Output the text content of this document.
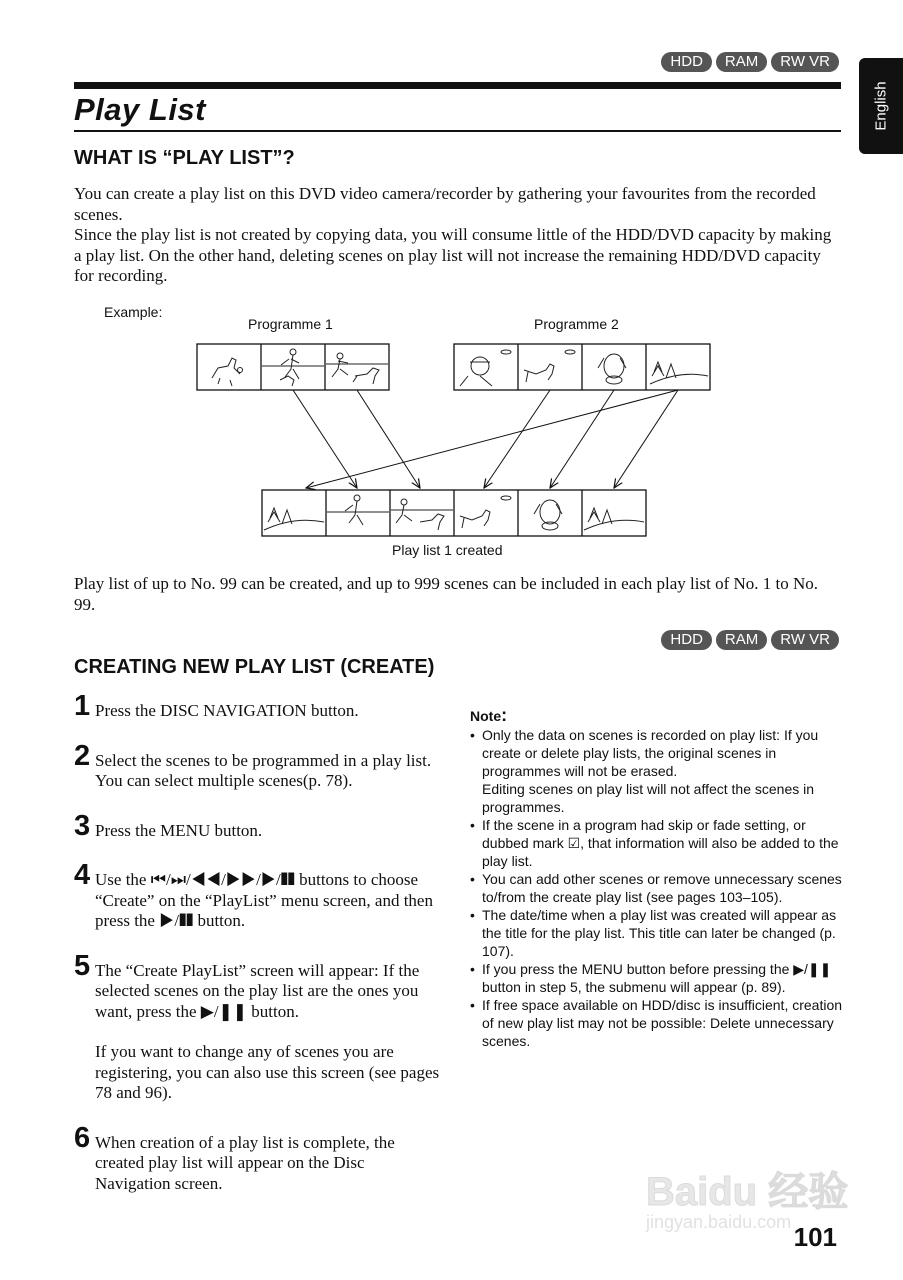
HDD	RAM	RW VR
English
Play List
WHAT IS “PLAY LIST”?

You can create a play list on this DVD video camera/recorder by gathering your favourites from the recorded scenes.

Since the play list is not created by copying data, you will consume little of the HDD/DVD capacity by making a play list. On the other hand, deleting scenes on play list will not increase the remaining HDD/DVD capacity for recording.

Example:
Programme 1	Programme 2
Play list 1 created
Play list of up to No. 99 can be created, and up to 999 scenes can be included in each play list of No. 1 to No. 99.
HDD	RAM	RW VR
CREATING NEW PLAY LIST (CREATE)
1 Press the DISC NAVIGATION button.

2 Select the scenes to be programmed in a play list.

You can select multiple scenes(p. 78).

3 Press the MENU button.

4 Use the ⏮/⏭/◀◀/▶▶/▶/❚❚ buttons to choose “Create” on the “PlayList” menu screen, and then press the ▶/❚❚ button.

5 The “Create PlayList” screen will appear: If the selected scenes on the play list are the ones you want, press the ▶/❚❚ button.

If you want to change any of scenes you are registering, you can also use this screen (see pages 78 and 96).

6 When creation of a play list is complete, the created play list will appear on the Disc Navigation screen.

Note:
• Only the data on scenes is recorded on play list: If you create or delete play lists, the original scenes in programmes will not be erased.
Editing scenes on play list will not affect the scenes in programmes.
• If the scene in a program had skip or fade setting, or dubbed mark ☑, that information will also be added to the play list.
• You can add other scenes or remove unnecessary scenes to/from the create play list (see pages 103–105).
• The date/time when a play list was created will appear as the title for the play list. This title can later be changed (p. 107).
• If you press the MENU button before pressing the ▶/❚❚ button in step 5, the submenu will appear (p. 89).
• If free space available on HDD/disc is insufficient, creation of new play list may not be possible: Delete unnecessary scenes.
Baidu 经验
jingyan.baidu.com 101
